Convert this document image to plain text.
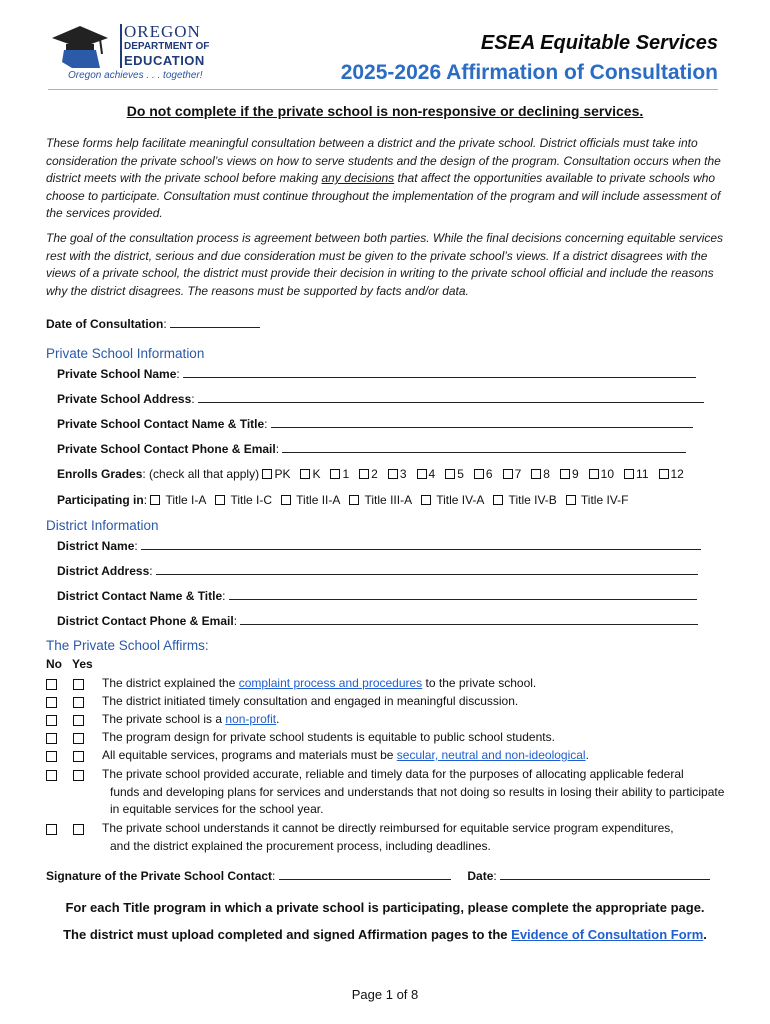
OREGON
DEPARTMENT OF
EDUCATION
Oregon achieves . . . together!
ESEA Equitable Services
2025-2026 Affirmation of Consultation
Do not complete if the private school is non-responsive or declining services.
These forms help facilitate meaningful consultation between a district and the private school. District officials must take into consideration the private school’s views on how to serve students and the design of the program. Consultation occurs when the district meets with the private school before making any decisions that affect the opportunities available to private schools who choose to participate. Consultation must continue throughout the implementation of the program and will include assessment of the services provided.
The goal of the consultation process is agreement between both parties. While the final decisions concerning equitable services rest with the district, serious and due consideration must be given to the private school’s views. If a district disagrees with the views of a private school, the district must provide their decision in writing to the private school official and include the reasons why the district disagrees. The reasons must be supported by facts and/or data.
Date of Consultation:
Private School Information
Private School Name:
Private School Address:
Private School Contact Name & Title:
Private School Contact Phone & Email:
Enrolls Grades: (check all that apply) PK K 1 2 3 4 5 6 7 8 9 10 11 12
Participating in:  Title I-A Title I-C Title II-A Title III-A Title IV-A Title IV-B Title IV-F
District Information
District Name:
District Address:
District Contact Name & Title:
District Contact Phone & Email:
The Private School Affirms:
No Yes
The district explained the complaint process and procedures to the private school.
The district initiated timely consultation and engaged in meaningful discussion.
The private school is a non-profit.
The program design for private school students is equitable to public school students.
All equitable services, programs and materials must be secular, neutral and non-ideological.
The private school provided accurate, reliable and timely data for the purposes of allocating applicable federal
funds and developing plans for services and understands that not doing so results in losing their ability to participate in equitable services for the school year.
The private school understands it cannot be directly reimbursed for equitable service program expenditures,
and the district explained the procurement process, including deadlines.
Signature of the Private School Contact:	Date:
For each Title program in which a private school is participating, please complete the appropriate page.
The district must upload completed and signed Affirmation pages to the Evidence of Consultation Form.
Page 1 of 8
